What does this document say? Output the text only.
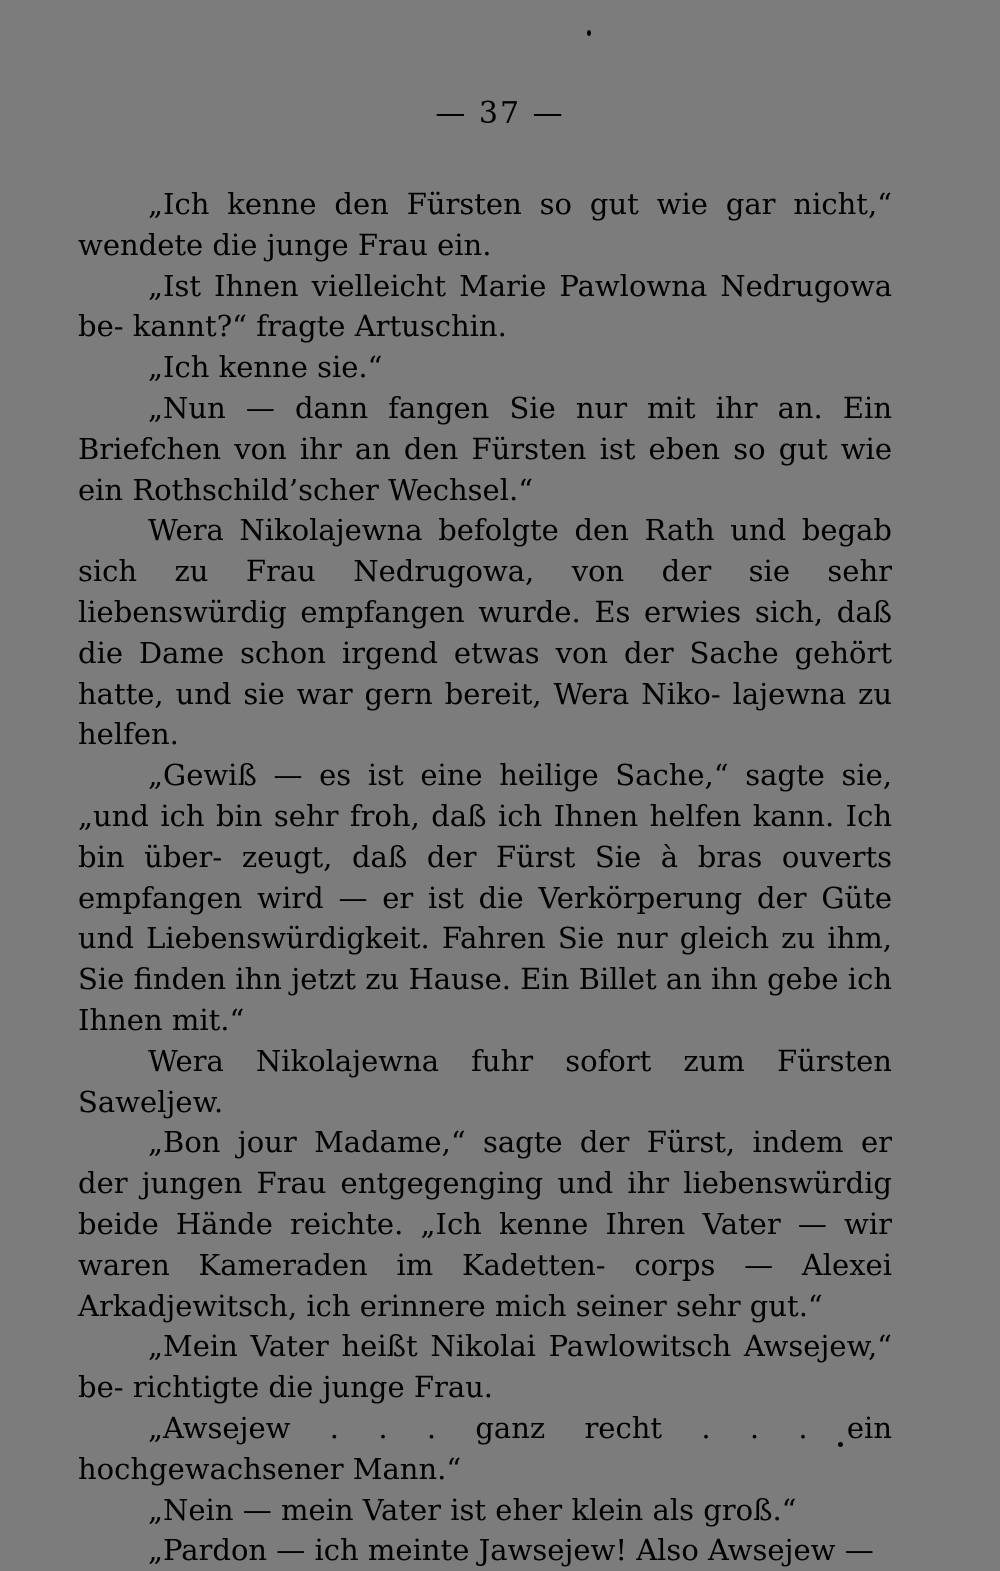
— 37 —

„Ich kenne den Fürsten so gut wie gar nicht,“ wendete die junge Frau ein.

„Ist Ihnen vielleicht Marie Pawlowna Nedrugowa be- kannt?“ fragte Artuschin.

„Ich kenne sie.“

„Nun — dann fangen Sie nur mit ihr an. Ein Briefchen von ihr an den Fürsten ist eben so gut wie ein Rothschild’scher Wechsel.“

Wera Nikolajewna befolgte den Rath und begab sich zu Frau Nedrugowa, von der sie sehr liebenswürdig empfangen wurde. Es erwies sich, daß die Dame schon irgend etwas von der Sache gehört hatte, und sie war gern bereit, Wera Niko- lajewna zu helfen.

„Gewiß — es ist eine heilige Sache,“ sagte sie, „und ich bin sehr froh, daß ich Ihnen helfen kann. Ich bin über- zeugt, daß der Fürst Sie à bras ouverts empfangen wird — er ist die Verkörperung der Güte und Liebenswürdigkeit. Fahren Sie nur gleich zu ihm, Sie finden ihn jetzt zu Hause. Ein Billet an ihn gebe ich Ihnen mit.“

Wera Nikolajewna fuhr sofort zum Fürsten Saweljew.

„Bon jour Madame,“ sagte der Fürst, indem er der jungen Frau entgegenging und ihr liebenswürdig beide Hände reichte. „Ich kenne Ihren Vater — wir waren Kameraden im Kadetten- corps — Alexei Arkadjewitsch, ich erinnere mich seiner sehr gut.“

„Mein Vater heißt Nikolai Pawlowitsch Awsejew,“ be- richtigte die junge Frau.

„Awsejew . . . ganz recht . . . ein hochgewachsener Mann.“

„Nein — mein Vater ist eher klein als groß.“

„Pardon — ich meinte Jawsejew! Also Awsejew —
